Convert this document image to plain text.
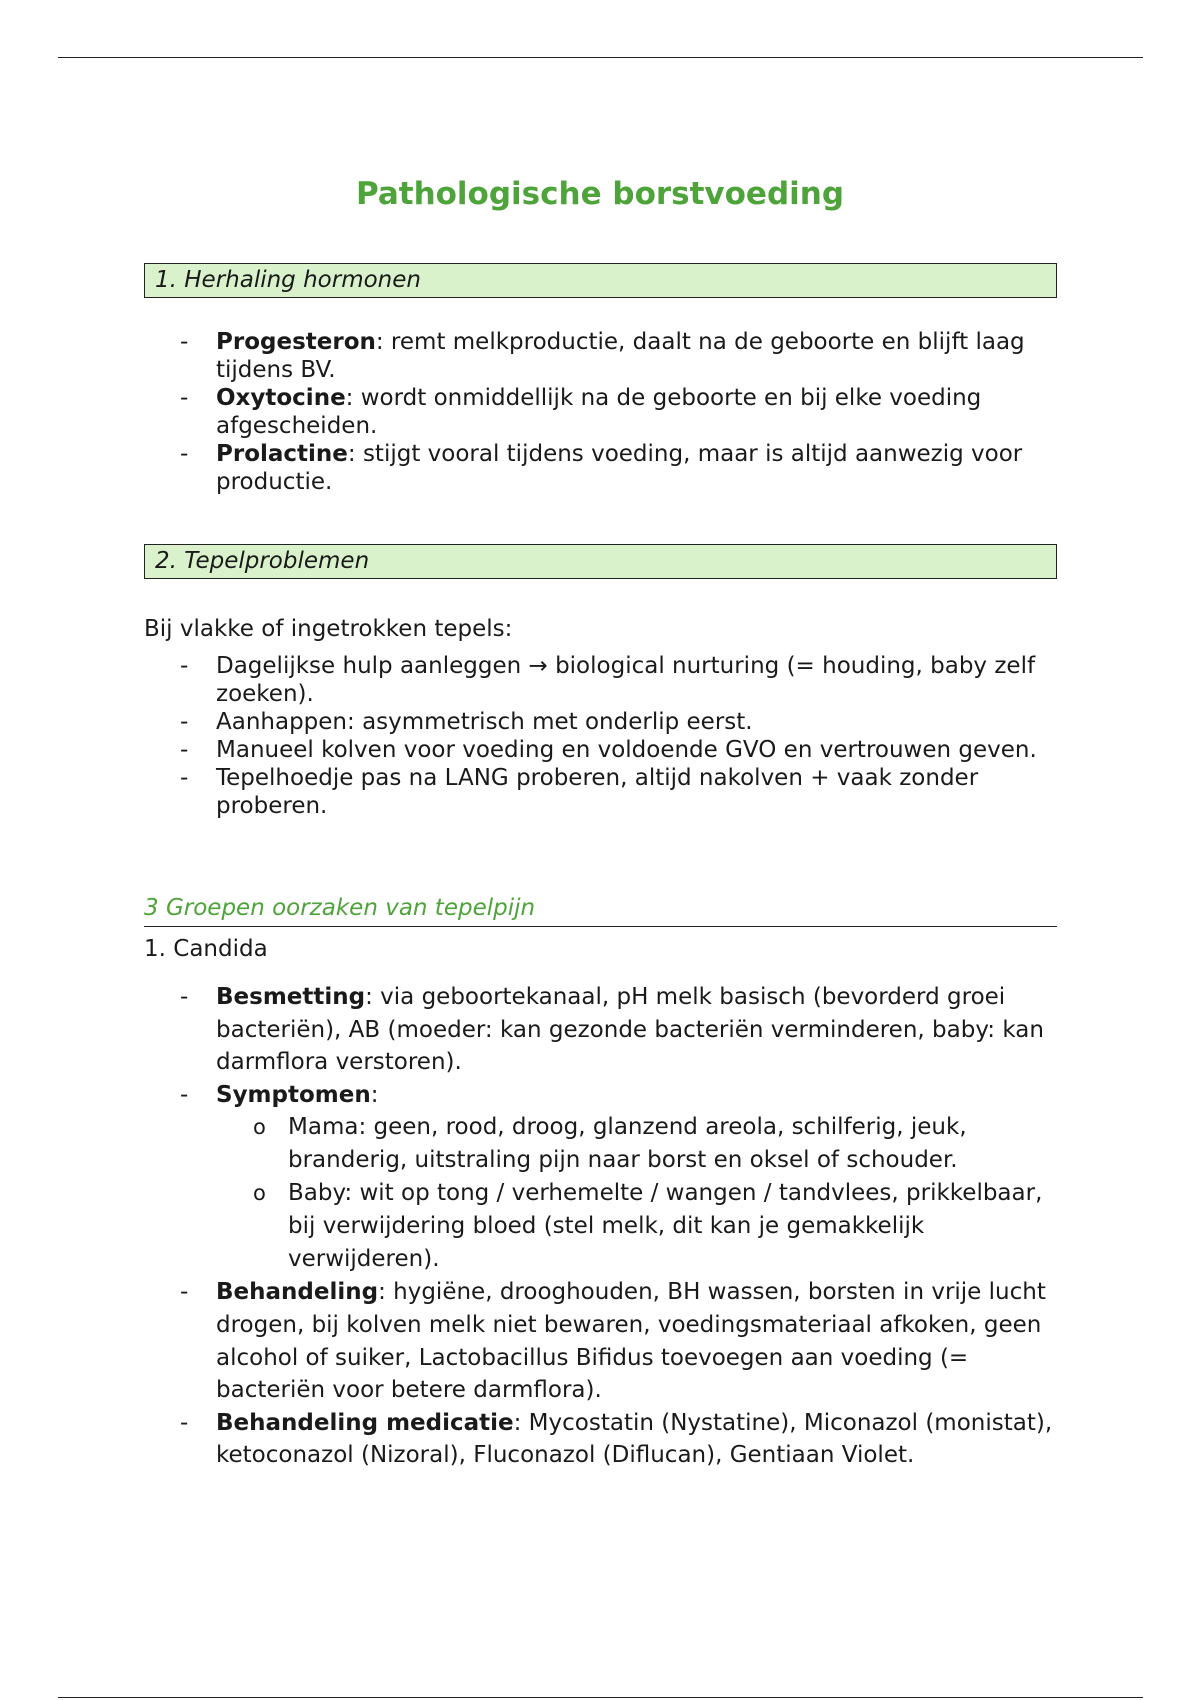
Pathologische borstvoeding
1. Herhaling hormonen
- Progesteron: remt melkproductie, daalt na de geboorte en blijft laag tijdens BV.
- Oxytocine: wordt onmiddellijk na de geboorte en bij elke voeding afgescheiden.
- Prolactine: stijgt vooral tijdens voeding, maar is altijd aanwezig voor productie.
2. Tepelproblemen
Bij vlakke of ingetrokken tepels:
- Dagelijkse hulp aanleggen → biological nurturing (= houding, baby zelf zoeken).
- Aanhappen: asymmetrisch met onderlip eerst.
- Manueel kolven voor voeding en voldoende GVO en vertrouwen geven.
- Tepelhoedje pas na LANG proberen, altijd nakolven + vaak zonder proberen.
3 Groepen oorzaken van tepelpijn
1. Candida
- Besmetting: via geboortekanaal, pH melk basisch (bevorderd groei bacteriën), AB (moeder: kan gezonde bacteriën verminderen, baby: kan darmflora verstoren).
- Symptomen:
o Mama: geen, rood, droog, glanzend areola, schilferig, jeuk, branderig, uitstraling pijn naar borst en oksel of schouder.
o Baby: wit op tong / verhemelte / wangen / tandvlees, prikkelbaar, bij verwijdering bloed (stel melk, dit kan je gemakkelijk verwijderen).
- Behandeling: hygiëne, drooghouden, BH wassen, borsten in vrije lucht drogen, bij kolven melk niet bewaren, voedingsmateriaal afkoken, geen alcohol of suiker, Lactobacillus Bifidus toevoegen aan voeding (= bacteriën voor betere darmflora).
- Behandeling medicatie: Mycostatin (Nystatine), Miconazol (monistat), ketoconazol (Nizoral), Fluconazol (Diflucan), Gentiaan Violet.
